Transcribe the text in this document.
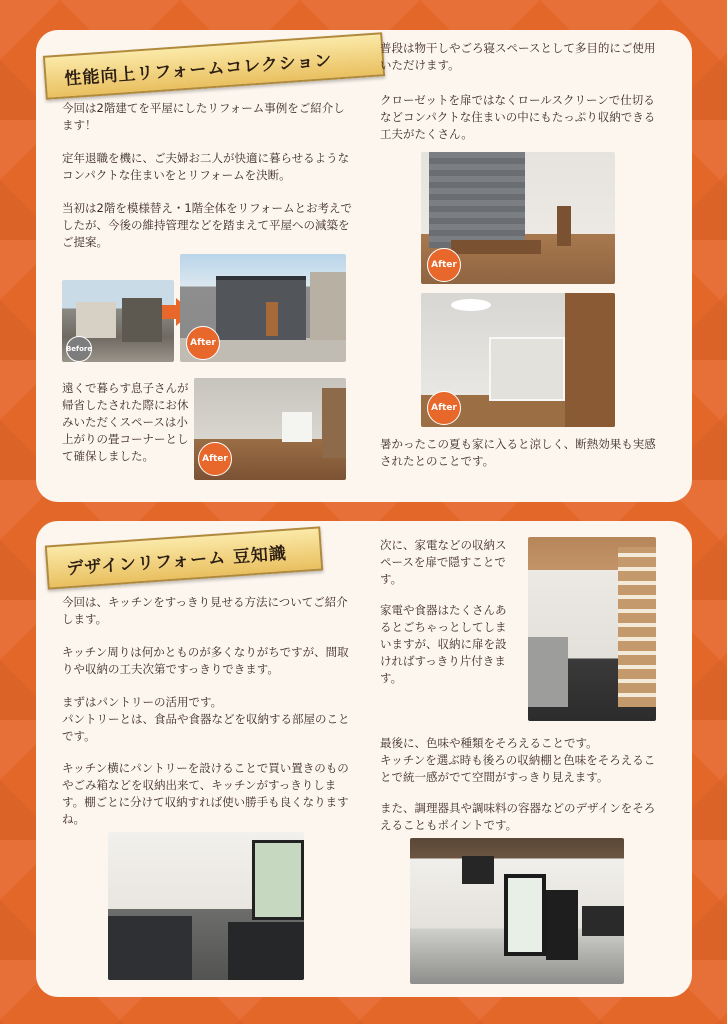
性能向上リフォームコレクション

今回は2階建てを平屋にしたリフォーム事例をご紹介します！

定年退職を機に、ご夫婦お二人が快適に暮らせるようなコンパクトな住まいをとリフォームを決断。

当初は2階を模様替え・1階全体をリフォームとお考えでしたが、今後の維持管理などを踏まえて平屋への減築をご提案。

Before
After

遠くで暮らす息子さんが帰省したされた際にお休みいただくスペースは小上がりの畳コーナーとして確保しました。	After

普段は物干しやごろ寝スペースとして多目的にご使用いただけます。

クローゼットを扉ではなくロールスクリーンで仕切るなどコンパクトな住まいの中にもたっぷり収納できる工夫がたくさん。

After
After

暑かったこの夏も家に入ると涼しく、断熱効果も実感されたとのことです。

デザインリフォーム 豆知識

今回は、キッチンをすっきり見せる方法についてご紹介します。

キッチン周りは何かとものが多くなりがちですが、間取りや収納の工夫次第ですっきりできます。

まずはパントリーの活用です。

パントリーとは、食品や食器などを収納する部屋のことです。

キッチン横にパントリーを設けることで買い置きのものやごみ箱などを収納出来て、キッチンがすっきりします。棚ごとに分けて収納すれば使い勝手も良くなりますね。

次に、家電などの収納スペースを扉で隠すことです。

家電や食器はたくさんあるとごちゃっとしてしまいますが、収納に扉を設ければすっきり片付きます。

最後に、色味や種類をそろえることです。

キッチンを選ぶ時も後ろの収納棚と色味をそろえることで統一感がでて空間がすっきり見えます。

また、調理器具や調味料の容器などのデザインをそろえることもポイントです。
